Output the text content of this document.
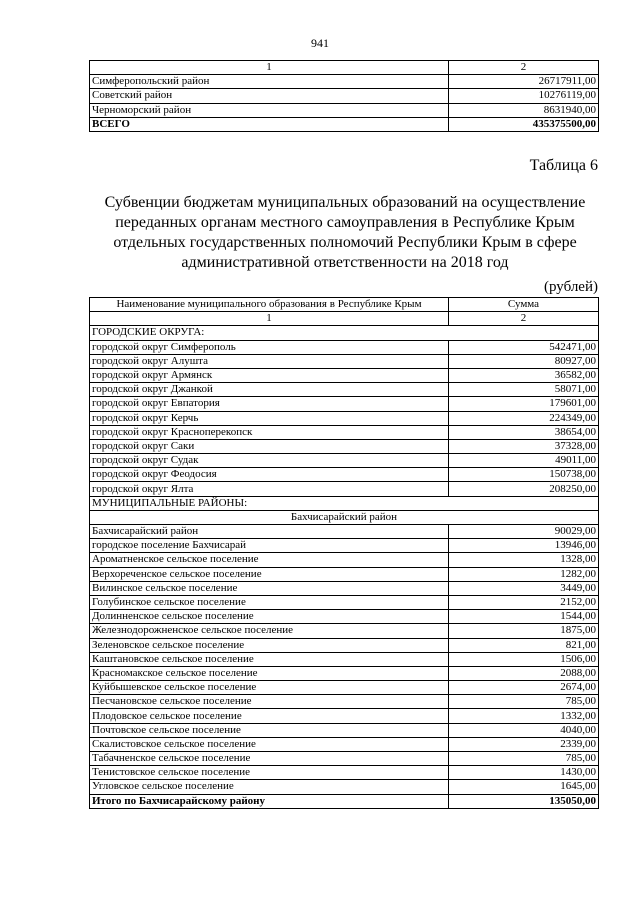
941
1	2
Симферопольский район	26717911,00
Советский район	10276119,00
Черноморский район	8631940,00
ВСЕГО	435375500,00
Таблица 6
Субвенции бюджетам муниципальных образований на осуществление
переданных органам местного самоуправления в Республике Крым
отдельных государственных полномочий Республики Крым в сфере
административной ответственности на 2018 год
(рублей)
Наименование муниципального образования в Республике Крым	Сумма
1	2
ГОРОДСКИЕ ОКРУГА:	
городской округ Симферополь	542471,00
городской округ Алушта	80927,00
городской округ Армянск	36582,00
городской округ Джанкой	58071,00
городской округ Евпатория	179601,00
городской округ Керчь	224349,00
городской округ Красноперекопск	38654,00
городской округ Саки	37328,00
городской округ Судак	49011,00
городской округ Феодосия	150738,00
городской округ Ялта	208250,00
МУНИЦИПАЛЬНЫЕ РАЙОНЫ:	
Бахчисарайский район	
Бахчисарайский район	90029,00
городское поселение Бахчисарай	13946,00
Ароматненское сельское поселение	1328,00
Верхореченское сельское поселение	1282,00
Вилинское сельское поселение	3449,00
Голубинское сельское поселение	2152,00
Долинненское сельское поселение	1544,00
Железнодорожненское сельское поселение	1875,00
Зеленовское сельское поселение	821,00
Каштановское сельское поселение	1506,00
Красномакское сельское поселение	2088,00
Куйбышевское сельское поселение	2674,00
Песчановское сельское поселение	785,00
Плодовское сельское поселение	1332,00
Почтовское сельское поселение	4040,00
Скалистовское сельское поселение	2339,00
Табачненское сельское поселение	785,00
Тенистовское сельское поселение	1430,00
Угловское сельское поселение	1645,00
Итого по Бахчисарайскому району	135050,00
